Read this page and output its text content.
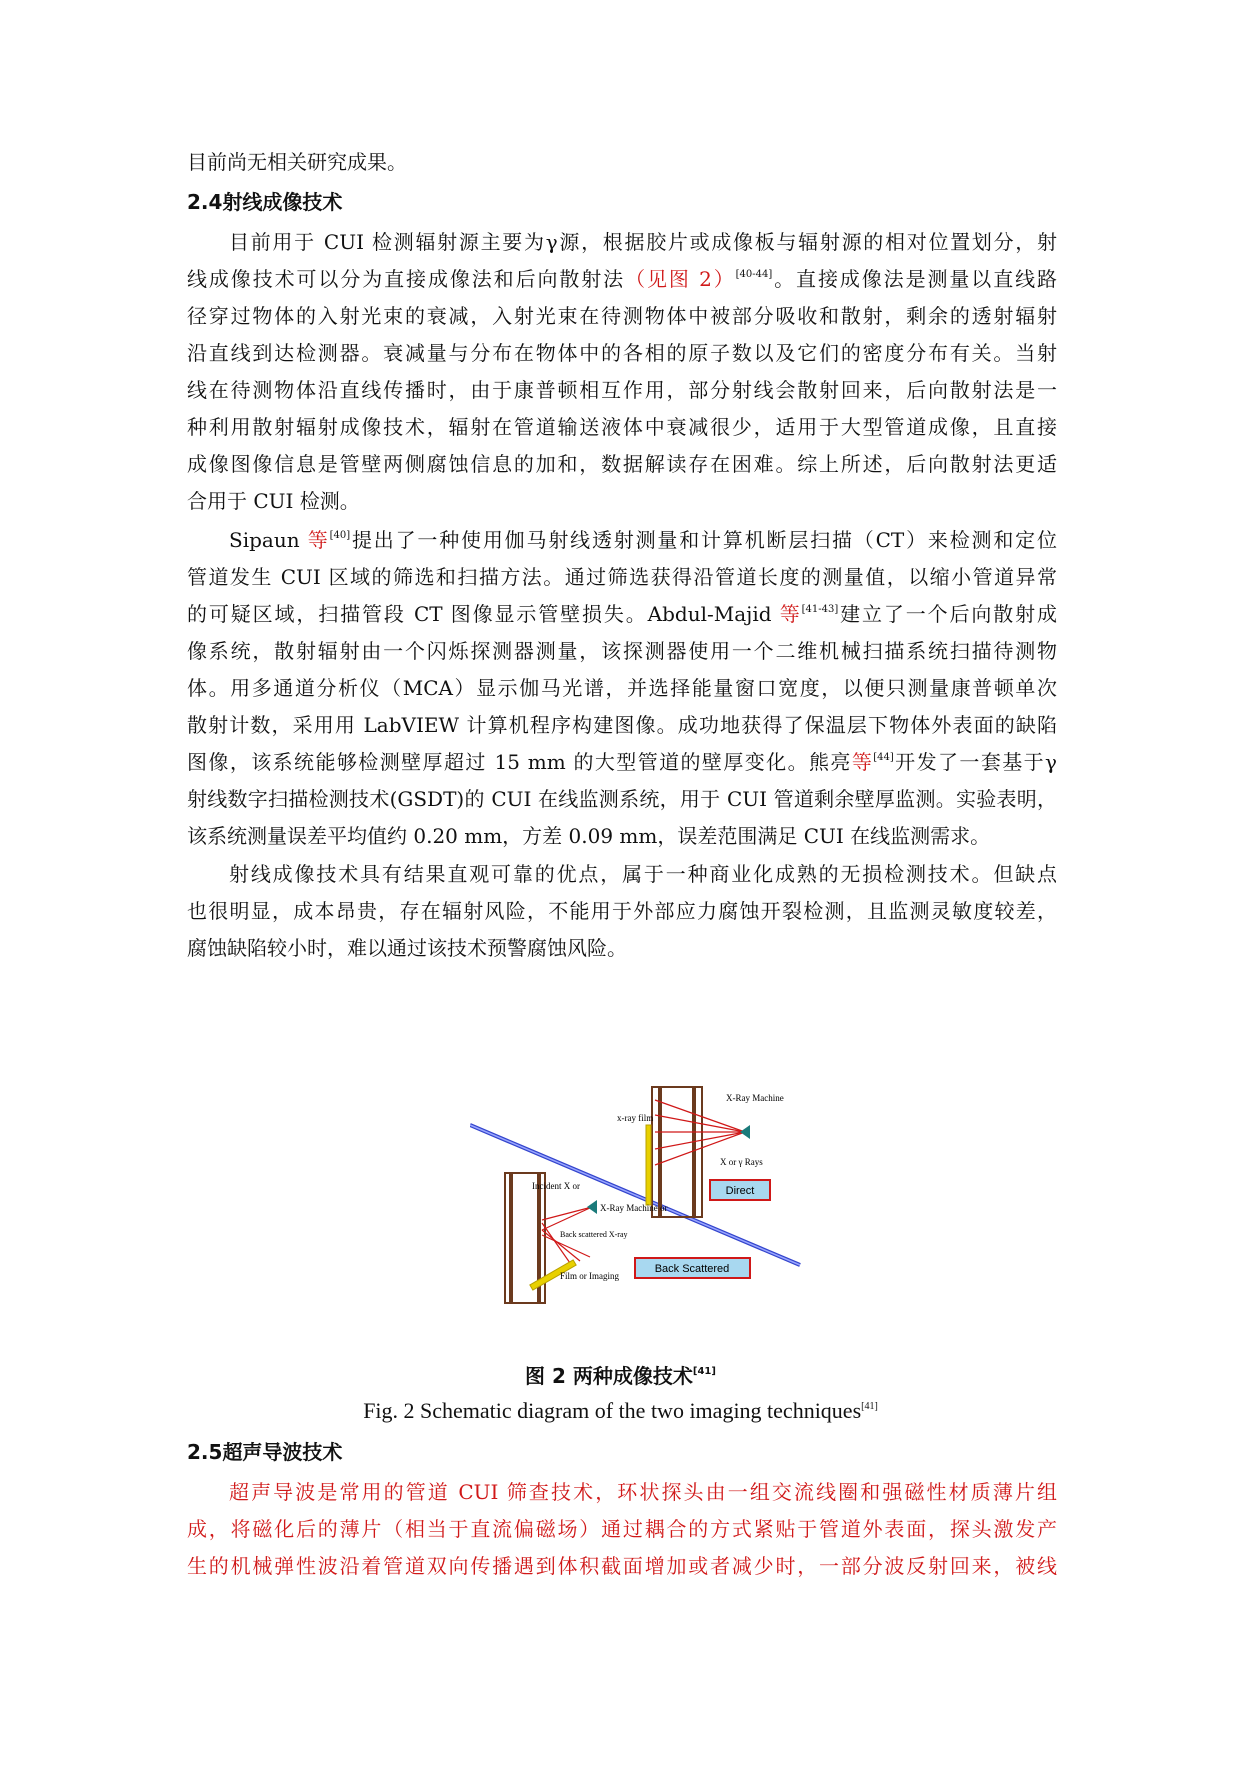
目前尚无相关研究成果。

2.4射线成像技术

目前用于 CUI 检测辐射源主要为γ源，根据胶片或成像板与辐射源的相对位置划分，射

线成像技术可以分为直接成像法和后向散射法（见图 2）[40-44]。直接成像法是测量以直线路

径穿过物体的入射光束的衰减，入射光束在待测物体中被部分吸收和散射，剩余的透射辐射

沿直线到达检测器。衰减量与分布在物体中的各相的原子数以及它们的密度分布有关。当射

线在待测物体沿直线传播时，由于康普顿相互作用，部分射线会散射回来，后向散射法是一

种利用散射辐射成像技术，辐射在管道输送液体中衰减很少，适用于大型管道成像，且直接

成像图像信息是管壁两侧腐蚀信息的加和，数据解读存在困难。综上所述，后向散射法更适

合用于 CUI 检测。

Sipaun 等[40]提出了一种使用伽马射线透射测量和计算机断层扫描（CT）来检测和定位

管道发生 CUI 区域的筛选和扫描方法。通过筛选获得沿管道长度的测量值，以缩小管道异常

的可疑区域，扫描管段 CT 图像显示管壁损失。Abdul-Majid 等[41-43]建立了一个后向散射成

像系统，散射辐射由一个闪烁探测器测量，该探测器使用一个二维机械扫描系统扫描待测物

体。用多通道分析仪（MCA）显示伽马光谱，并选择能量窗口宽度，以便只测量康普顿单次

散射计数，采用用 LabVIEW 计算机程序构建图像。成功地获得了保温层下物体外表面的缺陷

图像，该系统能够检测壁厚超过 15 mm 的大型管道的壁厚变化。熊亮等[44]开发了一套基于γ

射线数字扫描检测技术(GSDT)的 CUI 在线监测系统，用于 CUI 管道剩余壁厚监测。实验表明，

该系统测量误差平均值约 0.20 mm，方差 0.09 mm，误差范围满足 CUI 在线监测需求。

射线成像技术具有结果直观可靠的优点，属于一种商业化成熟的无损检测技术。但缺点

也很明显，成本昂贵，存在辐射风险，不能用于外部应力腐蚀开裂检测，且监测灵敏度较差，

腐蚀缺陷较小时，难以通过该技术预警腐蚀风险。

X-Ray Machine
x-ray film
X or γ Rays
Direct
Incident X or
X-Ray Machine or
Back scattered X-ray
Film or Imaging
Back Scattered
图 2 两种成像技术[41]
Fig. 2 Schematic diagram of the two imaging techniques[41]

2.5超声导波技术

超声导波是常用的管道 CUI 筛查技术，环状探头由一组交流线圈和强磁性材质薄片组

成，将磁化后的薄片（相当于直流偏磁场）通过耦合的方式紧贴于管道外表面，探头激发产

生的机械弹性波沿着管道双向传播遇到体积截面增加或者减少时，一部分波反射回来，被线
